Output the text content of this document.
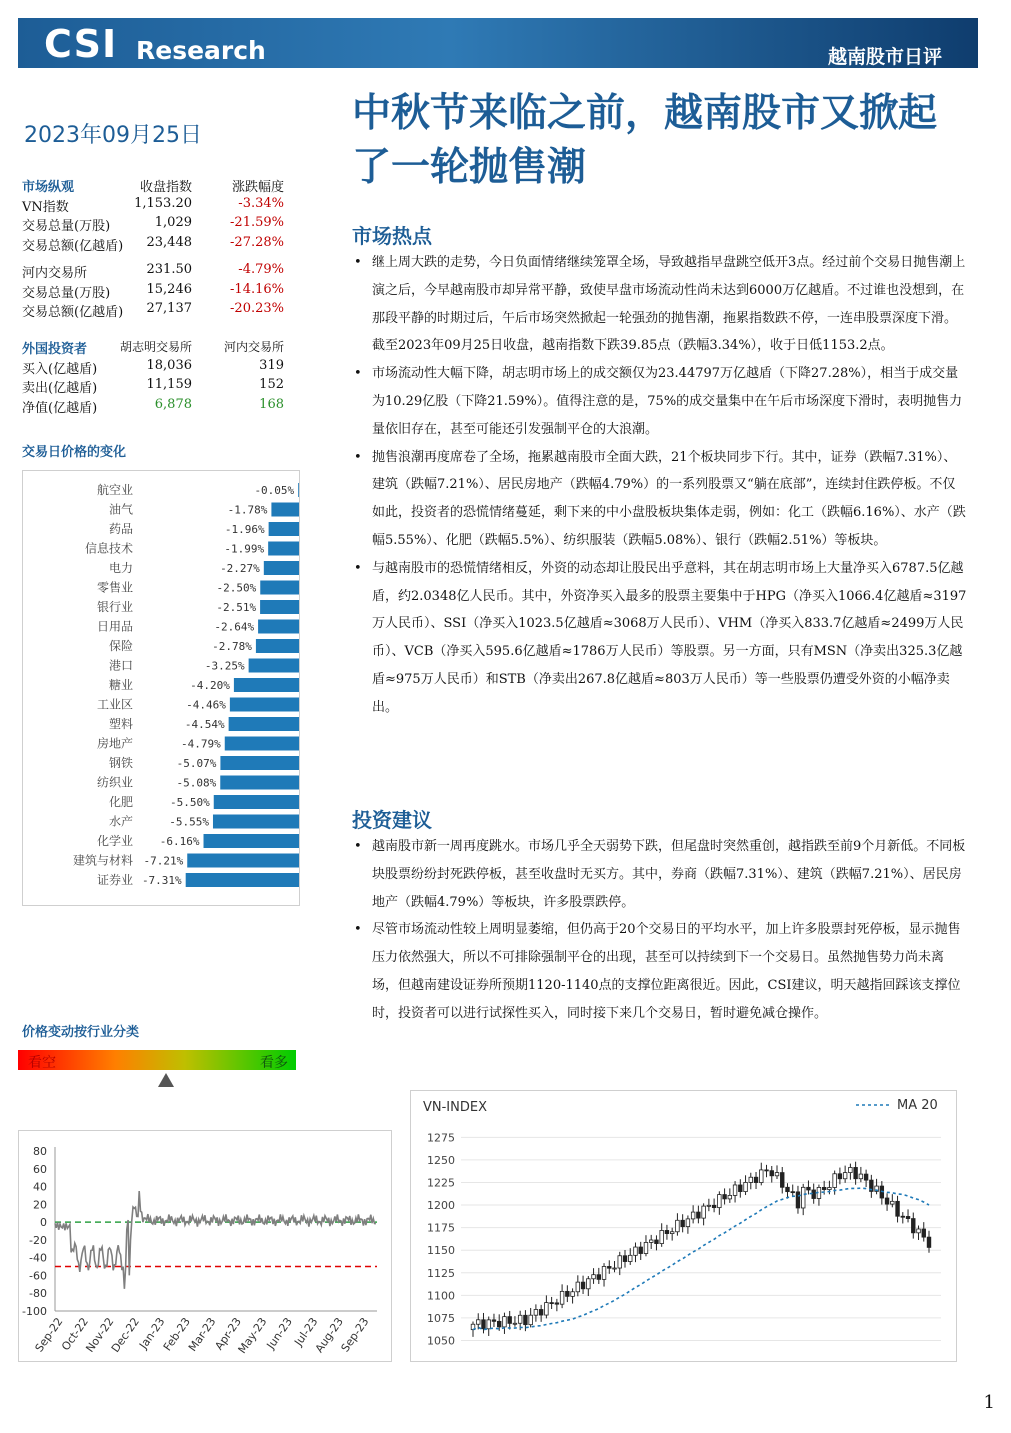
CSI Research	越南股市日评
2023年09月25日	中秋节来临之前，越南股市又掀起了一轮抛售潮
市场纵观	收盘指数	涨跌幅度
VN指数	1,153.20	-3.34%
交易总量(万股)	1,029	-21.59%
交易总额(亿越盾) 23,448	-27.28%
河内交易所	231.50	-4.79%
交易总量(万股)	15,246	-14.16%
交易总额(亿越盾) 27,137	-20.23%
外国投资者	胡志明交易所	河内交易所
买入(亿越盾)	18,036	319
卖出(亿越盾)	11,159	152
净值(亿越盾)	6,878	168
交易日价格的变化
-0.05%
航空业
-1.78%
油气
-1.96%
药品
-1.99%
信息技术
-2.27%
电力
-2.50%
零售业
-2.51%
银行业
-2.64%
日用品
-2.78%
保险
-3.25%
港口
-4.20%
糖业
-4.46%
工业区
-4.54%
塑料
-4.79%
房地产
-5.07%
钢铁
-5.08%
纺织业
-5.50%
化肥
-5.55%
水产
-6.16%
化学业
-7.21%
建筑与材料
-7.31%
证券业
价格变动按行业分类
看空	看多
80
60
40
20
0
-20
-40
-60
-80
-100
Sep-22
Oct-22
Nov-22
Dec-22
Jan-23
Feb-23
Mar-23
Apr-23
May-23
Jun-23
Jul-23
Aug-23
Sep-23
VN-INDEX	MA 20
1275
1250
1225
1200
1175
1150
1125
1100
1075
1050
市场热点
• 继上周大跌的走势，今日负面情绪继续笼罩全场，导致越指早盘跳空低开3点。经过前个交易日抛售潮上演之后，今早越南股市却异常平静，致使早盘市场流动性尚未达到6000万亿越盾。不过谁也没想到，在那段平静的时期过后，午后市场突然掀起一轮强劲的抛售潮，拖累指数跌不停，一连串股票深度下滑。截至2023年09月25日收盘，越南指数下跌39.85点（跌幅3.34%），收于日低1153.2点。
• 市场流动性大幅下降，胡志明市场上的成交额仅为23.44797万亿越盾（下降27.28%），相当于成交量为10.29亿股（下降21.59%）。值得注意的是，75%的成交量集中在午后市场深度下滑时，表明抛售力量依旧存在，甚至可能还引发强制平仓的大浪潮。
• 抛售浪潮再度席卷了全场，拖累越南股市全面大跌，21个板块同步下行。其中，证券（跌幅7.31%）、建筑（跌幅7.21%）、居民房地产（跌幅4.79%）的一系列股票又“躺在底部”，连续封住跌停板。不仅如此，投资者的恐慌情绪蔓延，剩下来的中小盘股板块集体走弱，例如：化工（跌幅6.16%）、水产（跌幅5.55%）、化肥（跌幅5.5%）、纺织服装（跌幅5.08%）、银行（跌幅2.51%）等板块。
• 与越南股市的恐慌情绪相反，外资的动态却让股民出乎意料，其在胡志明市场上大量净买入6787.5亿越盾，约2.0348亿人民币。其中，外资净买入最多的股票主要集中于HPG（净买入1066.4亿越盾≈3197万人民币）、SSI（净买入1023.5亿越盾≈3068万人民币）、VHM（净买入833.7亿越盾≈2499万人民币）、VCB（净买入595.6亿越盾≈1786万人民币）等股票。另一方面，只有MSN（净卖出325.3亿越盾≈975万人民币）和STB（净卖出267.8亿越盾≈803万人民币）等一些股票仍遭受外资的小幅净卖出。
投资建议
• 越南股市新一周再度跳水。市场几乎全天弱势下跌，但尾盘时突然重创，越指跌至前9个月新低。不同板块股票纷纷封死跌停板，甚至收盘时无买方。其中，券商（跌幅7.31%）、建筑（跌幅7.21%）、居民房地产（跌幅4.79%）等板块，许多股票跌停。
• 尽管市场流动性较上周明显萎缩，但仍高于20个交易日的平均水平，加上许多股票封死停板，显示抛售压力依然强大，所以不可排除强制平仓的出现，甚至可以持续到下一个交易日。虽然抛售势力尚未离场，但越南建设证券所预期1120-1140点的支撑位距离很近。因此，CSI建议，明天越指回踩该支撑位时，投资者可以进行试探性买入，同时接下来几个交易日，暂时避免减仓操作。
1
